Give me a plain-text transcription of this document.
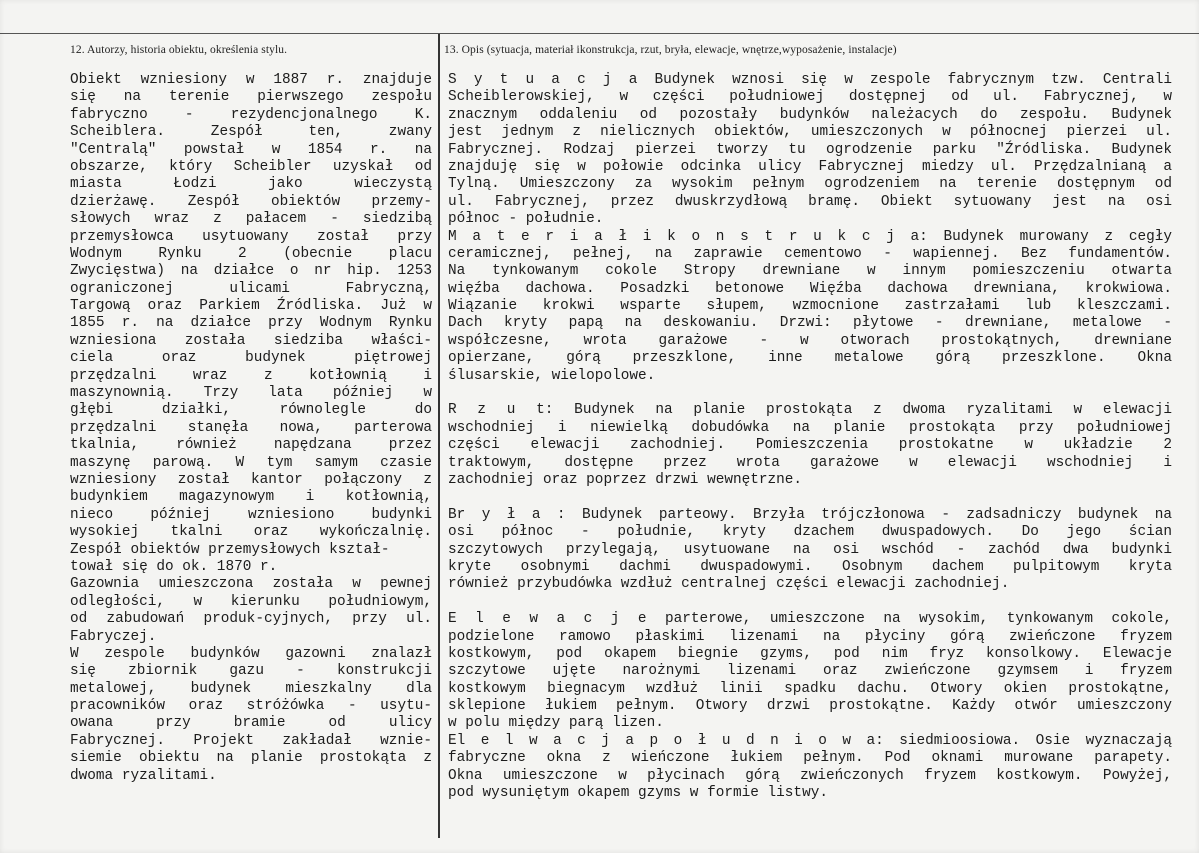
12. Autorzy, historia obiektu, określenia stylu.	13. Opis (sytuacja, materiał ikonstrukcja, rzut, bryła, elewacje, wnętrze,wyposażenie, instalacje)
Obiekt wzniesiony w 1887 r. znajduje
się na terenie pierwszego zespołu
fabryczno - rezydencjonalnego K.
Scheiblera. Zespół ten, zwany
"Centralą" powstał w 1854 r. na
obszarze, który Scheibler uzyskał od
miasta Łodzi jako wieczystą
dzierżawę. Zespół obiektów przemy-
słowych wraz z pałacem - siedzibą
przemysłowca usytuowany został przy
Wodnym Rynku 2 (obecnie placu
Zwycięstwa) na działce o nr hip. 1253
ograniczonej ulicami Fabryczną,
Targową oraz Parkiem Źródliska. Już w
1855 r. na działce przy Wodnym Rynku
wzniesiona została siedziba właści-
ciela oraz budynek piętrowej
przędzalni wraz z kotłownią i
maszynownią. Trzy lata później w
głębi działki, równolegle do
przędzalni stanęła nowa, parterowa
tkalnia, również napędzana przez
maszynę parową. W tym samym czasie
wzniesiony został kantor połączony z
budynkiem magazynowym i kotłownią,
nieco później wzniesiono budynki
wysokiej tkalni oraz wykończalnię.
Zespół obiektów przemysłowych kształ-
tował się do ok. 1870 r.
Gazownia umieszczona została w pewnej
odległości, w kierunku południowym,
od zabudowań produk-cyjnych, przy ul.
Fabryczej.
W zespole budynków gazowni znalazł
się zbiornik gazu - konstrukcji
metalowej, budynek mieszkalny dla
pracowników oraz stróżówka - usytu-
owana przy bramie od ulicy
Fabrycznej. Projekt zakładał wznie-
siemie obiektu na planie prostokąta z
dwoma ryzalitami.
S y t u a c j a Budynek wznosi się w zespole fabrycznym tzw. Centrali
Scheiblerowskiej, w części południowej dostępnej od ul. Fabrycznej, w
znacznym oddaleniu od pozostały budynków należacych do zespołu. Budynek
jest jednym z nielicznych obiektów, umieszczonych w północnej pierzei ul.
Fabrycznej. Rodzaj pierzei tworzy tu ogrodzenie parku "Źródliska. Budynek
znajduję się w połowie odcinka ulicy Fabrycznej miedzy ul. Przędzalnianą a
Tylną. Umieszczony za wysokim pełnym ogrodzeniem na terenie dostępnym od
ul. Fabrycznej, przez dwuskrzydłową bramę. Obiekt sytuowany jest na osi
północ - południe.
M a t e r i a ł i k o n s t r u k c j a: Budynek murowany z cegły
ceramicznej, pełnej, na zaprawie cementowo - wapiennej. Bez fundamentów.
Na tynkowanym cokole Stropy drewniane w innym pomieszczeniu otwarta
więźba dachowa. Posadzki betonowe Więźba dachowa drewniana, krokwiowa.
Wiązanie krokwi wsparte słupem, wzmocnione zastrzałami lub kleszczami.
Dach kryty papą na deskowaniu. Drzwi: płytowe - drewniane, metalowe -
współczesne, wrota garażowe - w otworach prostokątnych, drewniane
opierzane, górą przeszklone, inne metalowe górą przeszklone. Okna
ślusarskie, wielopolowe.
R z u t: Budynek na planie prostokąta z dwoma ryzalitami w elewacji
wschodniej i niewielką dobudówka na planie prostokąta przy południowej
części elewacji zachodniej. Pomieszczenia prostokatne w układzie 2
traktowym, dostępne przez wrota garażowe w elewacji wschodniej i
zachodniej oraz poprzez drzwi wewnętrzne.
Br y ł a : Budynek parteowy. Brzyła trójczłonowa - zadsadniczy budynek na
osi północ - południe, kryty dzachem dwuspadowych. Do jego ścian
szczytowych przylegają, usytuowane na osi wschód - zachód dwa budynki
kryte osobnymi dachmi dwuspadowymi. Osobnym dachem pulpitowym kryta
również przybudówka wzdłuż centralnej części elewacji zachodniej.
E l e w a c j e parterowe, umieszczone na wysokim, tynkowanym cokole,
podzielone ramowo płaskimi lizenami na płyciny górą zwieńczone fryzem
kostkowym, pod okapem biegnie gzyms, pod nim fryz konsolkowy. Elewacje
szczytowe ujęte narożnymi lizenami oraz zwieńczone gzymsem i fryzem
kostkowym biegnacym wzdłuż linii spadku dachu. Otwory okien prostokątne,
sklepione łukiem pełnym. Otwory drzwi prostokątne. Każdy otwór umieszczony
w polu między parą lizen.
El e l w a c j a p o ł u d n i o w a: siedmioosiowa. Osie wyznaczają
fabryczne okna z wieńczone łukiem pełnym. Pod oknami murowane parapety.
Okna umieszczone w płycinach górą zwieńczonych fryzem kostkowym. Powyżej,
pod wysuniętym okapem gzyms w formie listwy.
